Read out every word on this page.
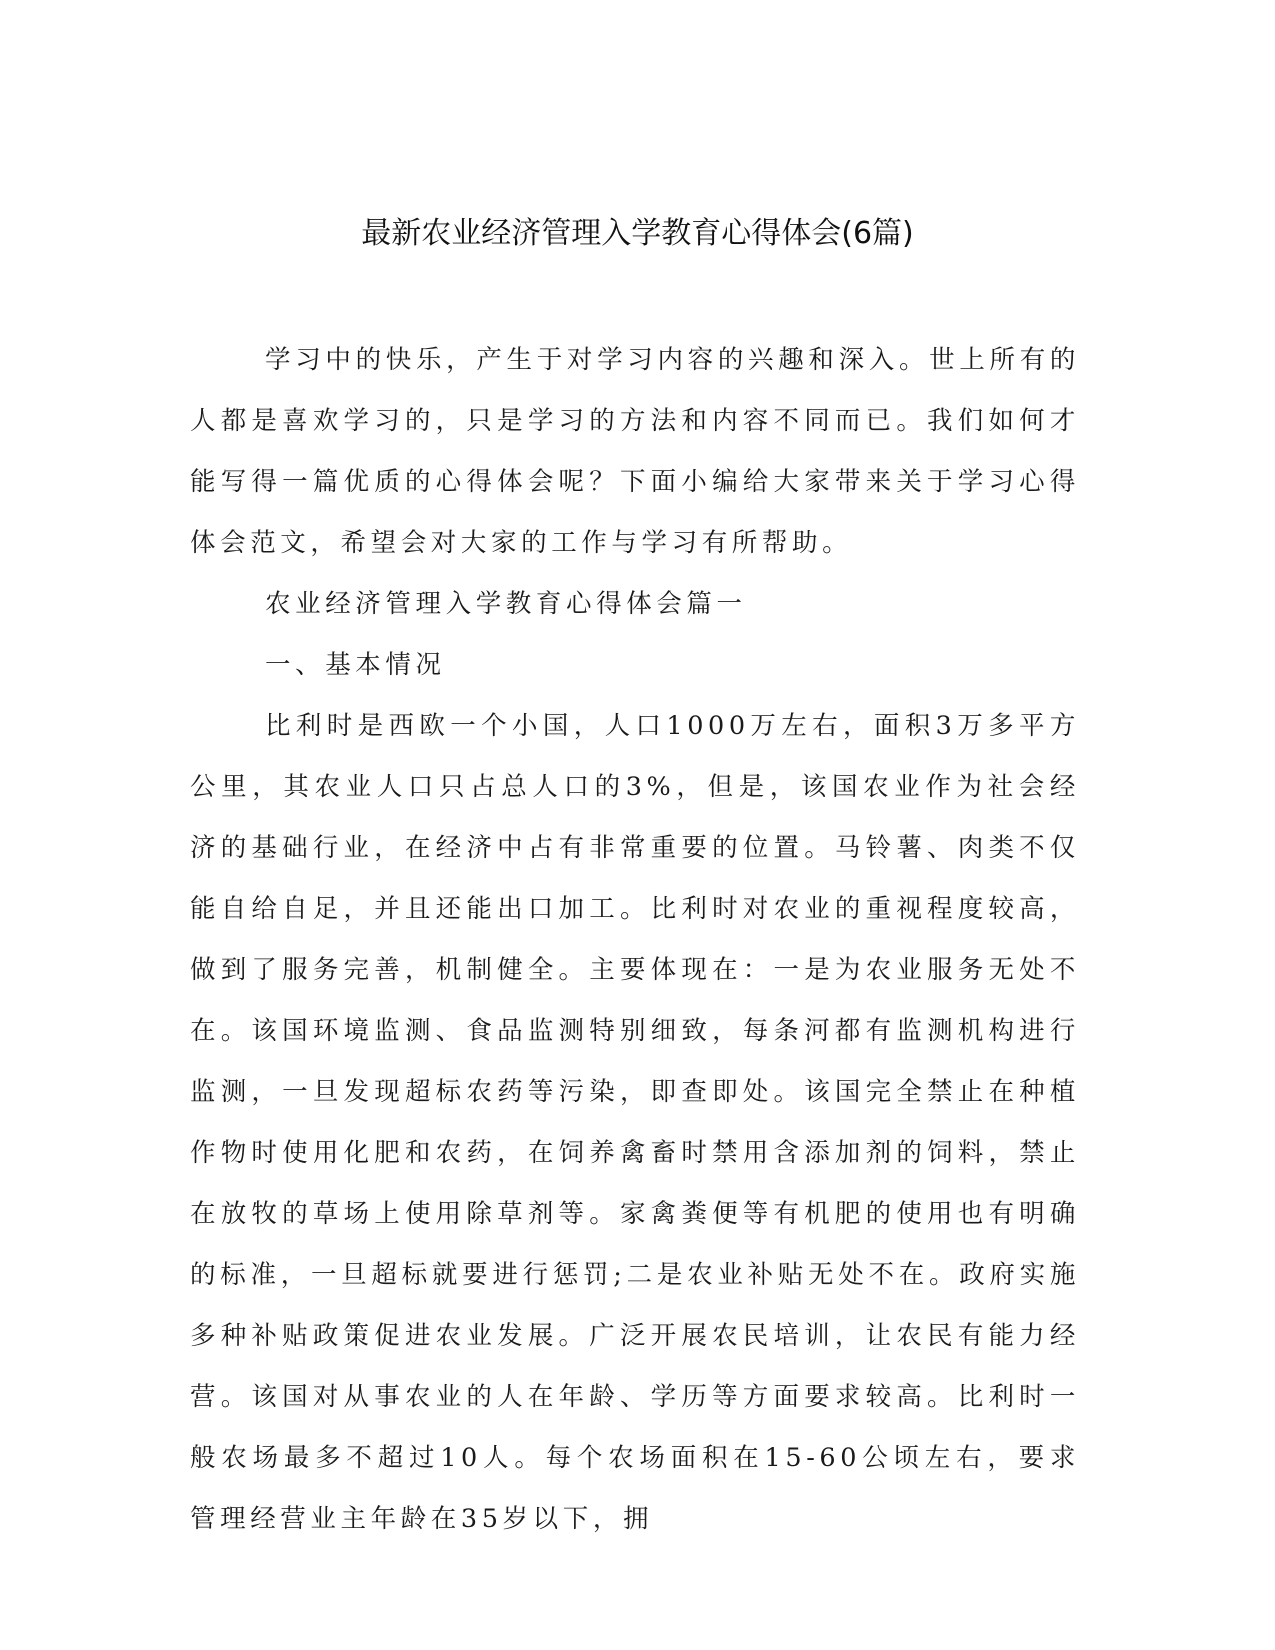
最新农业经济管理入学教育心得体会(6篇)

学习中的快乐，产生于对学习内容的兴趣和深入。世上所有的人都是喜欢学习的，只是学习的方法和内容不同而已。我们如何才能写得一篇优质的心得体会呢？下面小编给大家带来关于学习心得体会范文，希望会对大家的工作与学习有所帮助。

农业经济管理入学教育心得体会篇一

一、基本情况

比利时是西欧一个小国，人口1000万左右，面积3万多平方公里，其农业人口只占总人口的3%，但是，该国农业作为社会经济的基础行业，在经济中占有非常重要的位置。马铃薯、肉类不仅能自给自足，并且还能出口加工。比利时对农业的重视程度较高，做到了服务完善，机制健全。主要体现在：一是为农业服务无处不在。该国环境监测、食品监测特别细致，每条河都有监测机构进行监测，一旦发现超标农药等污染，即查即处。该国完全禁止在种植作物时使用化肥和农药，在饲养禽畜时禁用含添加剂的饲料，禁止在放牧的草场上使用除草剂等。家禽粪便等有机肥的使用也有明确的标准，一旦超标就要进行惩罚;二是农业补贴无处不在。政府实施多种补贴政策促进农业发展。广泛开展农民培训，让农民有能力经营。该国对从事农业的人在年龄、学历等方面要求较高。比利时一般农场最多不超过10人。每个农场面积在15-60公顷左右，要求管理经营业主年龄在35岁以下，拥
